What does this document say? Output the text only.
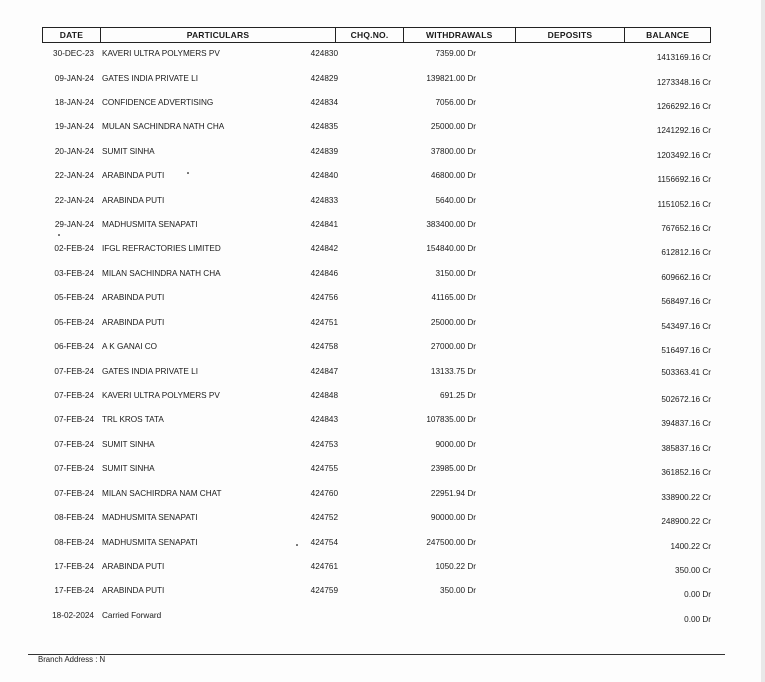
DATE	PARTICULARS	CHQ.NO.	WITHDRAWALS	DEPOSITS	BALANCE
30-DEC-23 KAVERI ULTRA POLYMERS PV	424830	7359.00 Dr	1413169.16 Cr
09-JAN-24 GATES INDIA PRIVATE LI	424829	139821.00 Dr	1273348.16 Cr
18-JAN-24 CONFIDENCE ADVERTISING	424834	7056.00 Dr	1266292.16 Cr
19-JAN-24 MULAN SACHINDRA NATH CHA	424835	25000.00 Dr	1241292.16 Cr
20-JAN-24 SUMIT SINHA	424839	37800.00 Dr	1203492.16 Cr
22-JAN-24 ARABINDA PUTI	424840	46800.00 Dr	1156692.16 Cr
22-JAN-24 ARABINDA PUTI	424833	5640.00 Dr	1151052.16 Cr
29-JAN-24 MADHUSMITA SENAPATI	424841	383400.00 Dr	767652.16 Cr
02-FEB-24 IFGL REFRACTORIES LIMITED	424842	154840.00 Dr	612812.16 Cr
03-FEB-24 MILAN SACHINDRA NATH CHA	424846	3150.00 Dr	609662.16 Cr
05-FEB-24 ARABINDA PUTI	424756	41165.00 Dr	568497.16 Cr
05-FEB-24 ARABINDA PUTI	424751	25000.00 Dr	543497.16 Cr
06-FEB-24 A K GANAI CO	424758	27000.00 Dr	516497.16 Cr
07-FEB-24 GATES INDIA PRIVATE LI	424847	13133.75 Dr	503363.41 Cr
07-FEB-24 KAVERI ULTRA POLYMERS PV	424848	691.25 Dr	502672.16 Cr
07-FEB-24 TRL KROS TATA	424843	107835.00 Dr	394837.16 Cr
07-FEB-24 SUMIT SINHA	424753	9000.00 Dr	385837.16 Cr
07-FEB-24 SUMIT SINHA	424755	23985.00 Dr	361852.16 Cr
07-FEB-24 MILAN SACHIRDRA NAM CHAT	424760	22951.94 Dr	338900.22 Cr
08-FEB-24 MADHUSMITA SENAPATI	424752	90000.00 Dr	248900.22 Cr
08-FEB-24 MADHUSMITA SENAPATI	424754	247500.00 Dr	1400.22 Cr
17-FEB-24 ARABINDA PUTI	424761	1050.22 Dr	350.00 Cr
17-FEB-24 ARABINDA PUTI	424759	350.00 Dr	0.00 Dr
18-02-2024 Carried Forward	0.00 Dr
Branch Address : N
